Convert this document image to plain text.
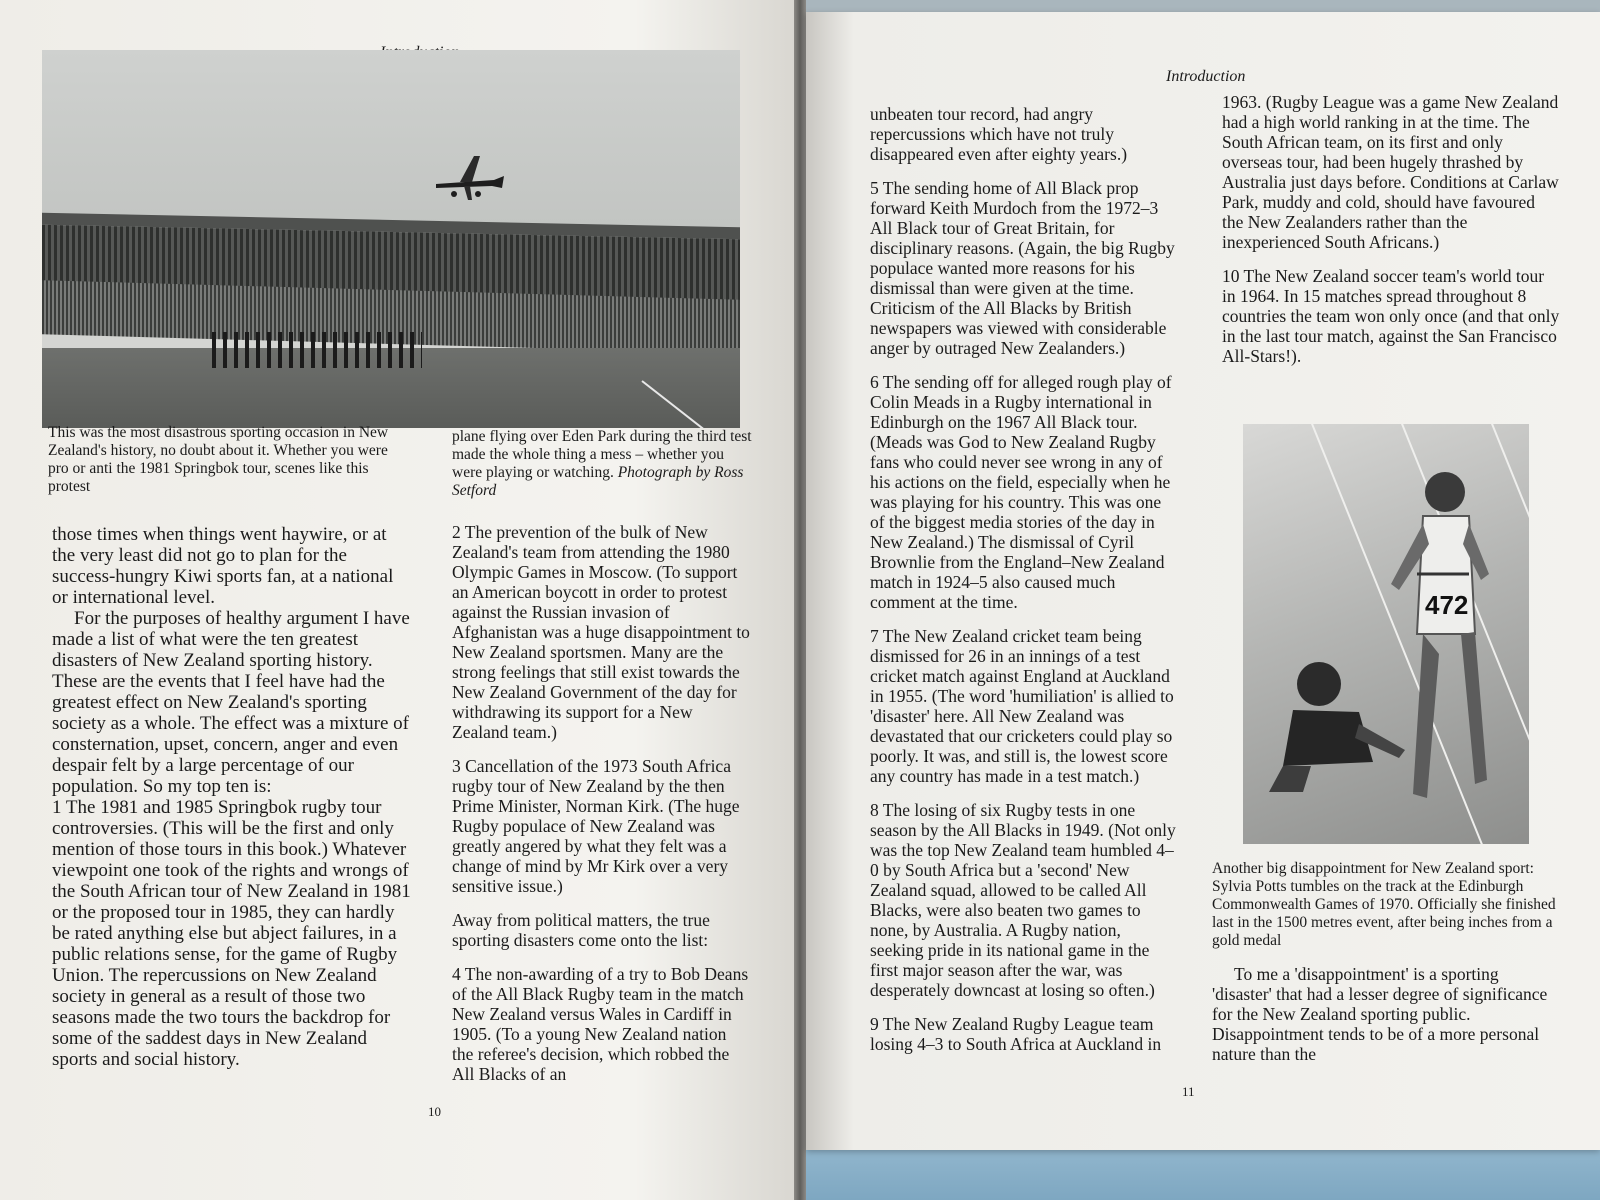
This was the most disastrous sporting occasion in New Zealand's history, no doubt about it. Whether you were pro or anti the 1981 Springbok tour, scenes like this protest
plane flying over Eden Park during the third test made the whole thing a mess – whether you were playing or watching. Photograph by Ross Setford

those times when things went haywire, or at the very least did not go to plan for the success-hungry Kiwi sports fan, at a national or international level.

For the purposes of healthy argument I have made a list of what were the ten greatest disasters of New Zealand sporting history. These are the events that I feel have had the greatest effect on New Zealand's sporting society as a whole. The effect was a mixture of consternation, upset, concern, anger and even despair felt by a large percentage of our population. So my top ten is:

1 The 1981 and 1985 Springbok rugby tour controversies. (This will be the first and only mention of those tours in this book.) Whatever viewpoint one took of the rights and wrongs of the South African tour of New Zealand in 1981 or the proposed tour in 1985, they can hardly be rated anything else but abject failures, in a public relations sense, for the game of Rugby Union. The repercussions on New Zealand society in general as a result of those two seasons made the two tours the backdrop for some of the saddest days in New Zealand sports and social history.

2 The prevention of the bulk of New Zealand's team from attending the 1980 Olympic Games in Moscow. (To support an American boycott in order to protest against the Russian invasion of Afghanistan was a huge disappointment to New Zealand sportsmen. Many are the strong feelings that still exist towards the New Zealand Government of the day for withdrawing its support for a New Zealand team.)

3 Cancellation of the 1973 South Africa rugby tour of New Zealand by the then Prime Minister, Norman Kirk. (The huge Rugby populace of New Zealand was greatly angered by what they felt was a change of mind by Mr Kirk over a very sensitive issue.)

Away from political matters, the true sporting disasters come onto the list:

4 The non-awarding of a try to Bob Deans of the All Black Rugby team in the match New Zealand versus Wales in Cardiff in 1905. (To a young New Zealand nation the referee's decision, which robbed the All Blacks of an

10
Introduction

unbeaten tour record, had angry repercussions which have not truly disappeared even after eighty years.)

5 The sending home of All Black prop forward Keith Murdoch from the 1972–3 All Black tour of Great Britain, for disciplinary reasons. (Again, the big Rugby populace wanted more reasons for his dismissal than were given at the time. Criticism of the All Blacks by British newspapers was viewed with considerable anger by outraged New Zealanders.)

6 The sending off for alleged rough play of Colin Meads in a Rugby international in Edinburgh on the 1967 All Black tour. (Meads was God to New Zealand Rugby fans who could never see wrong in any of his actions on the field, especially when he was playing for his country. This was one of the biggest media stories of the day in New Zealand.) The dismissal of Cyril Brownlie from the England–New Zealand match in 1924–5 also caused much comment at the time.

7 The New Zealand cricket team being dismissed for 26 in an innings of a test cricket match against England at Auckland in 1955. (The word 'humiliation' is allied to 'disaster' here. All New Zealand was devastated that our cricketers could play so poorly. It was, and still is, the lowest score any country has made in a test match.)

8 The losing of six Rugby tests in one season by the All Blacks in 1949. (Not only was the top New Zealand team humbled 4–0 by South Africa but a 'second' New Zealand squad, allowed to be called All Blacks, were also beaten two games to none, by Australia. A Rugby nation, seeking pride in its national game in the first major season after the war, was desperately downcast at losing so often.)

9 The New Zealand Rugby League team losing 4–3 to South Africa at Auckland in

1963. (Rugby League was a game New Zealand had a high world ranking in at the time. The South African team, on its first and only overseas tour, had been hugely thrashed by Australia just days before. Conditions at Carlaw Park, muddy and cold, should have favoured the New Zealanders rather than the inexperienced South Africans.)

10 The New Zealand soccer team's world tour in 1964. In 15 matches spread throughout 8 countries the team won only once (and that only in the last tour match, against the San Francisco All-Stars!).

Another big disappointment for New Zealand sport: Sylvia Potts tumbles on the track at the Edinburgh Commonwealth Games of 1970. Officially she finished last in the 1500 metres event, after being inches from a gold medal

To me a 'disappointment' is a sporting 'disaster' that had a lesser degree of significance for the New Zealand sporting public. Disappointment tends to be of a more personal nature than the

11
472
